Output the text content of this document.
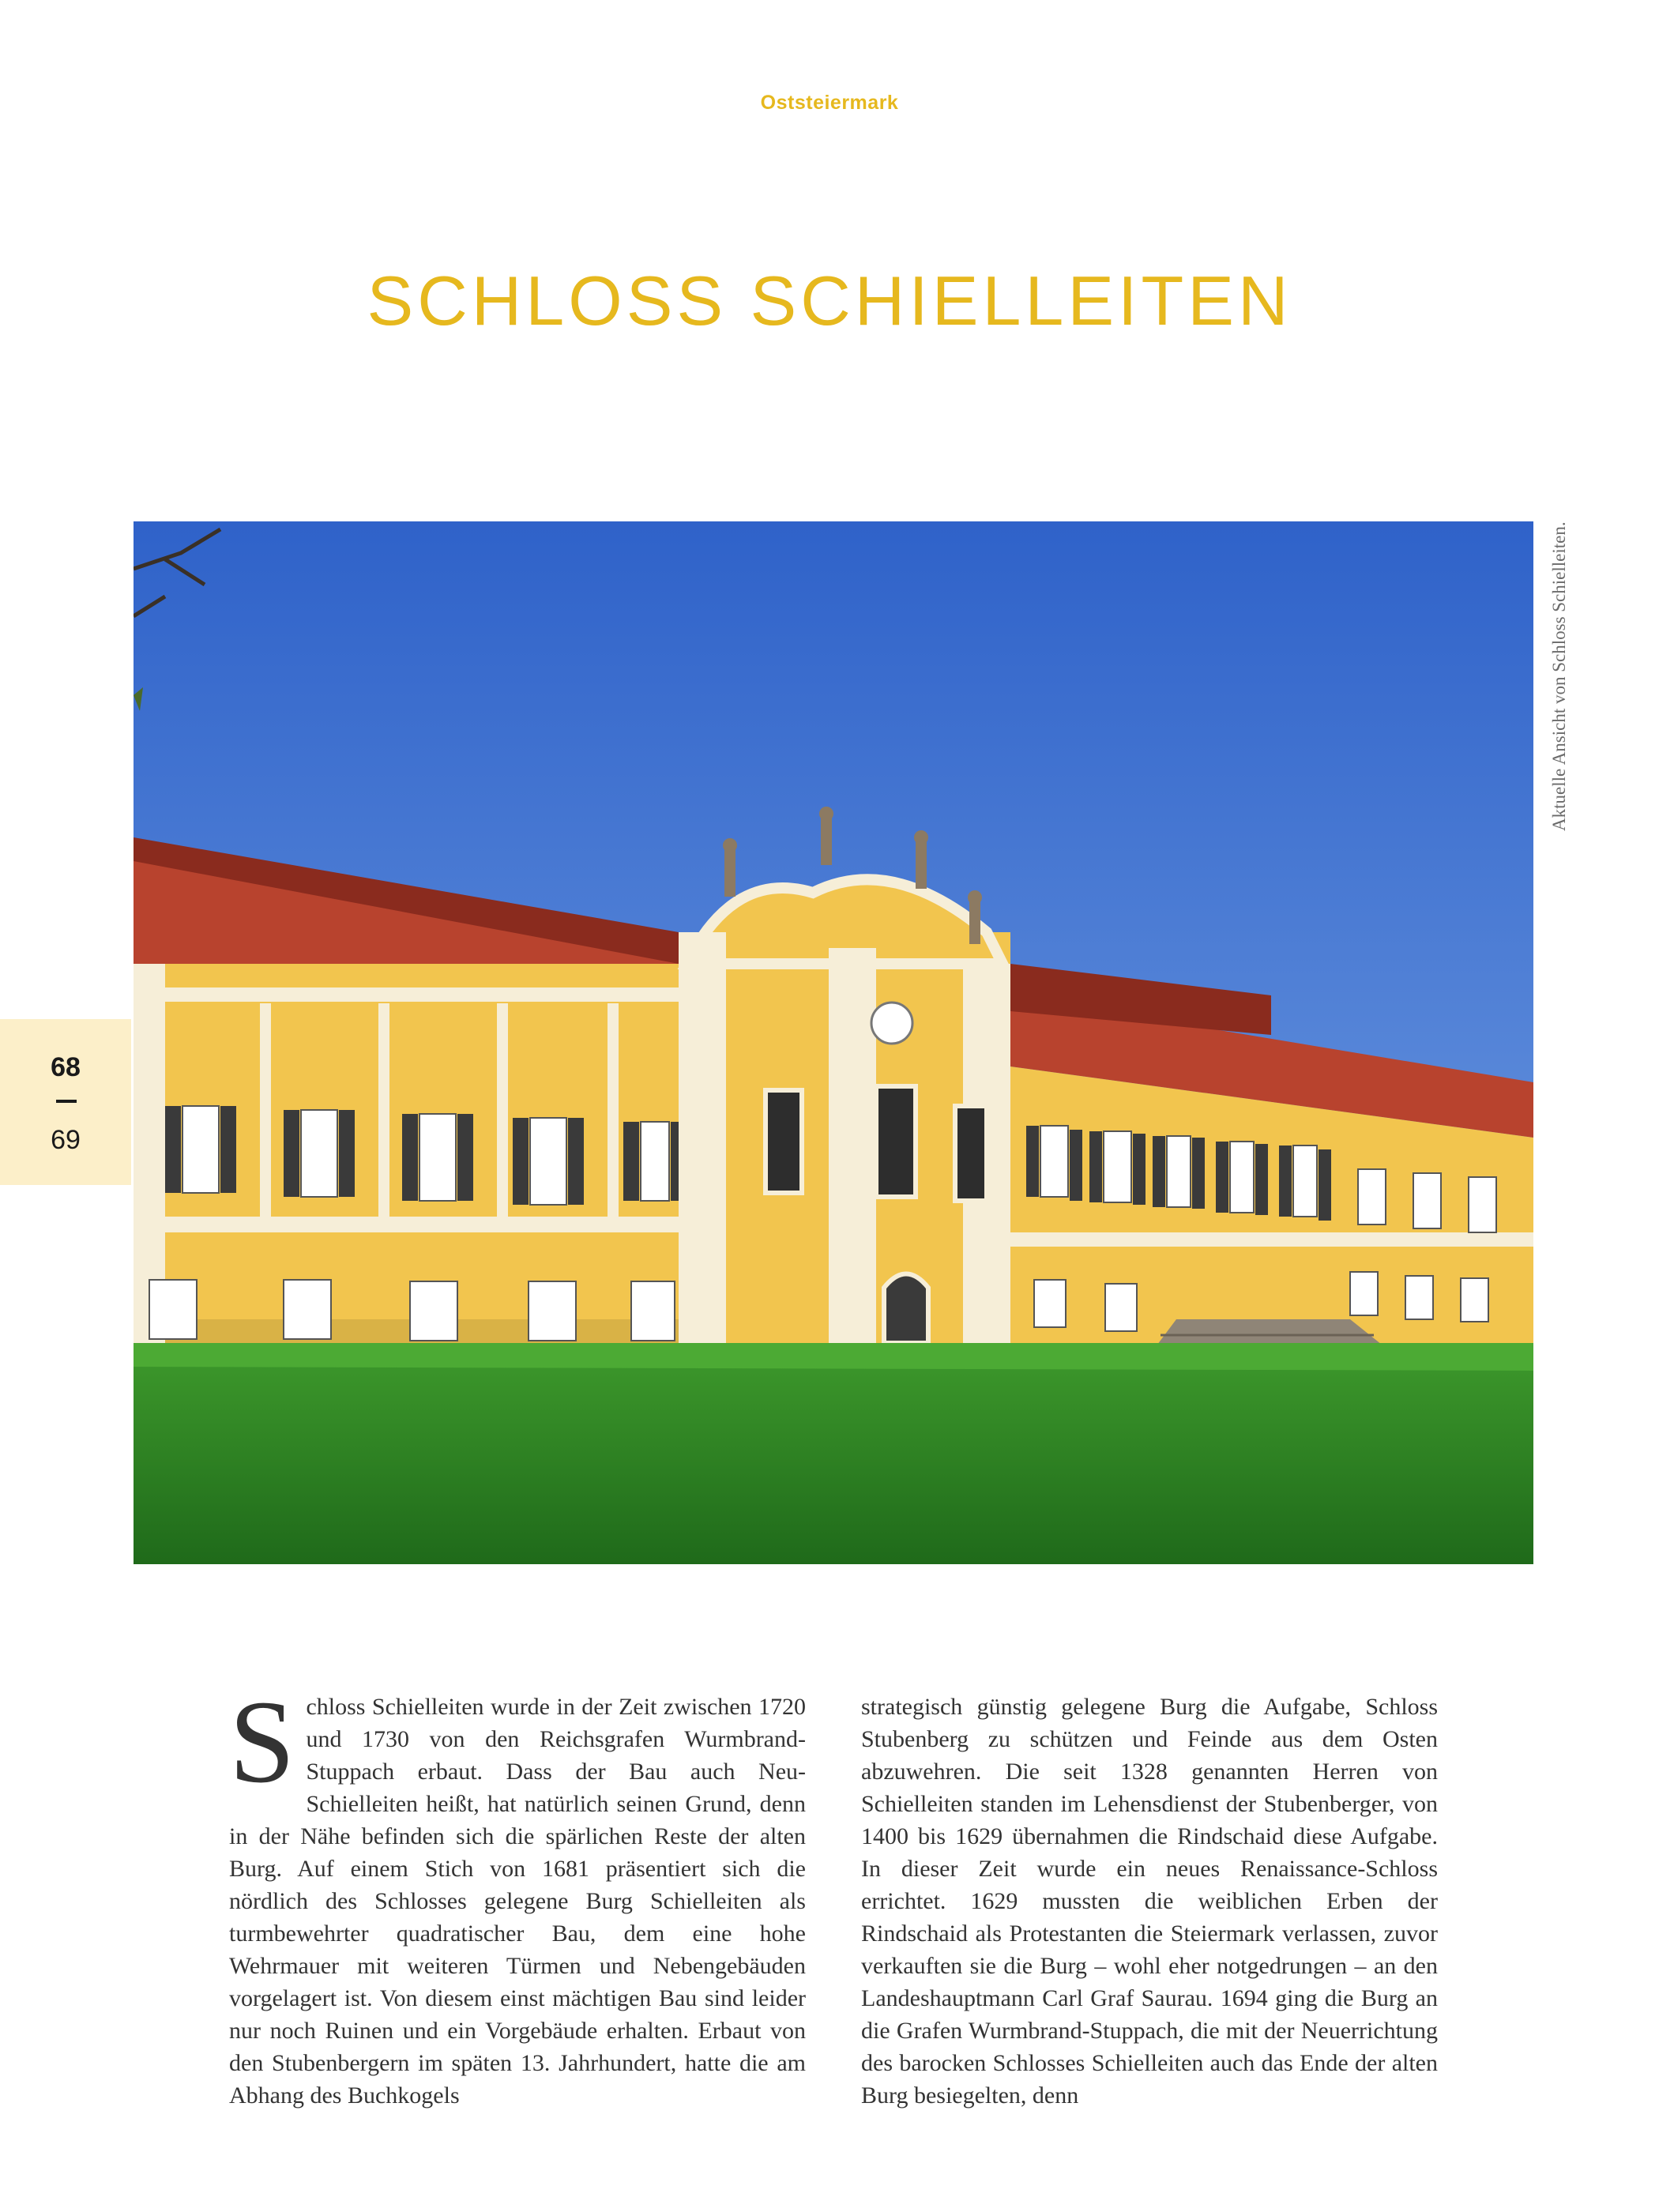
Oststeiermark
SCHLOSS SCHIELLEITEN
Aktuelle Ansicht von Schloss Schielleiten.
68
69
Schloss Schielleiten wurde in der Zeit zwischen 1720 und 1730 von den Reichsgrafen Wurmbrand-Stuppach erbaut. Dass der Bau auch Neu-Schielleiten heißt, hat natürlich seinen Grund, denn in der Nähe befinden sich die spärlichen Reste der alten Burg. Auf einem Stich von 1681 präsentiert sich die nördlich des Schlosses gelegene Burg Schielleiten als turmbewehrter quadratischer Bau, dem eine hohe Wehrmauer mit weiteren Türmen und Nebengebäuden vorgelagert ist. Von diesem einst mächtigen Bau sind leider nur noch Ruinen und ein Vorgebäude erhalten. Erbaut von den Stubenbergern im späten 13. Jahrhundert, hatte die am Abhang des Buchkogels
strategisch günstig gelegene Burg die Aufgabe, Schloss Stubenberg zu schützen und Feinde aus dem Osten abzuwehren. Die seit 1328 genannten Herren von Schielleiten standen im Lehensdienst der Stubenberger, von 1400 bis 1629 übernahmen die Rindschaid diese Aufgabe. In dieser Zeit wurde ein neues Renaissance-Schloss errichtet. 1629 mussten die weiblichen Erben der Rindschaid als Protestanten die Steiermark verlassen, zuvor verkauften sie die Burg – wohl eher notgedrungen – an den Landeshauptmann Carl Graf Saurau. 1694 ging die Burg an die Grafen Wurmbrand-Stuppach, die mit der Neuerrichtung des barocken Schlosses Schielleiten auch das Ende der alten Burg besiegelten, denn
